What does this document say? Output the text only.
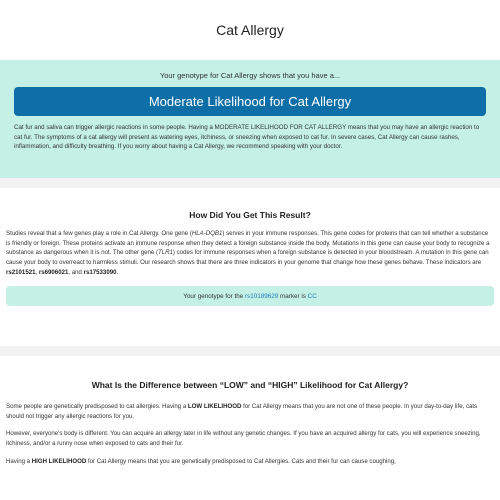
Cat Allergy
Your genotype for Cat Allergy shows that you have a...
Moderate Likelihood for Cat Allergy

Cat fur and saliva can trigger allergic reactions in some people. Having a MODERATE LIKELIHOOD FOR CAT ALLERGY means that you may have an allergic reaction to cat fur. The symptoms of a cat allergy will present as watering eyes, itchiness, or sneezing when exposed to cat fur. In severe cases, Cat Allergy can cause rashes, inflammation, and difficulty breathing. If you worry about having a Cat Allergy, we recommend speaking with your doctor.

How Did You Get This Result?

Studies reveal that a few genes play a role in Cat Allergy. One gene (HLA-DQB1) serves in your immune responses. This gene codes for proteins that can tell whether a substance is friendly or foreign. These proteins activate an immune response when they detect a foreign substance inside the body. Mutations in this gene can cause your body to recognize a substance as dangerous when it is not. The other gene (TLR1) codes for immune responses when a foreign substance is detected in your bloodstream. A mutation in this gene can cause your body to overreact to harmless stimuli. Our research shows that there are three indicators in your genome that change how these genes behave. These indicators are rs2101521, rs6906021, and rs17533090.

Your genotype for the
rs10189629
marker is
CC
What Is the Difference between “LOW” and “HIGH” Likelihood for Cat Allergy?

Some people are genetically predisposed to cat allergies. Having a LOW LIKELIHOOD for Cat Allergy means that you are not one of these people. In your day-to-day life, cats should not trigger any allergic reactions for you.

However, everyone's body is different. You can acquire an allergy later in life without any genetic changes. If you have an acquired allergy for cats, you will experience sneezing, itchiness, and/or a runny nose when exposed to cats and their fur.

Having a HIGH LIKELIHOOD for Cat Allergy means that you are genetically predisposed to Cat Allergies. Cats and their fur can cause coughing,
